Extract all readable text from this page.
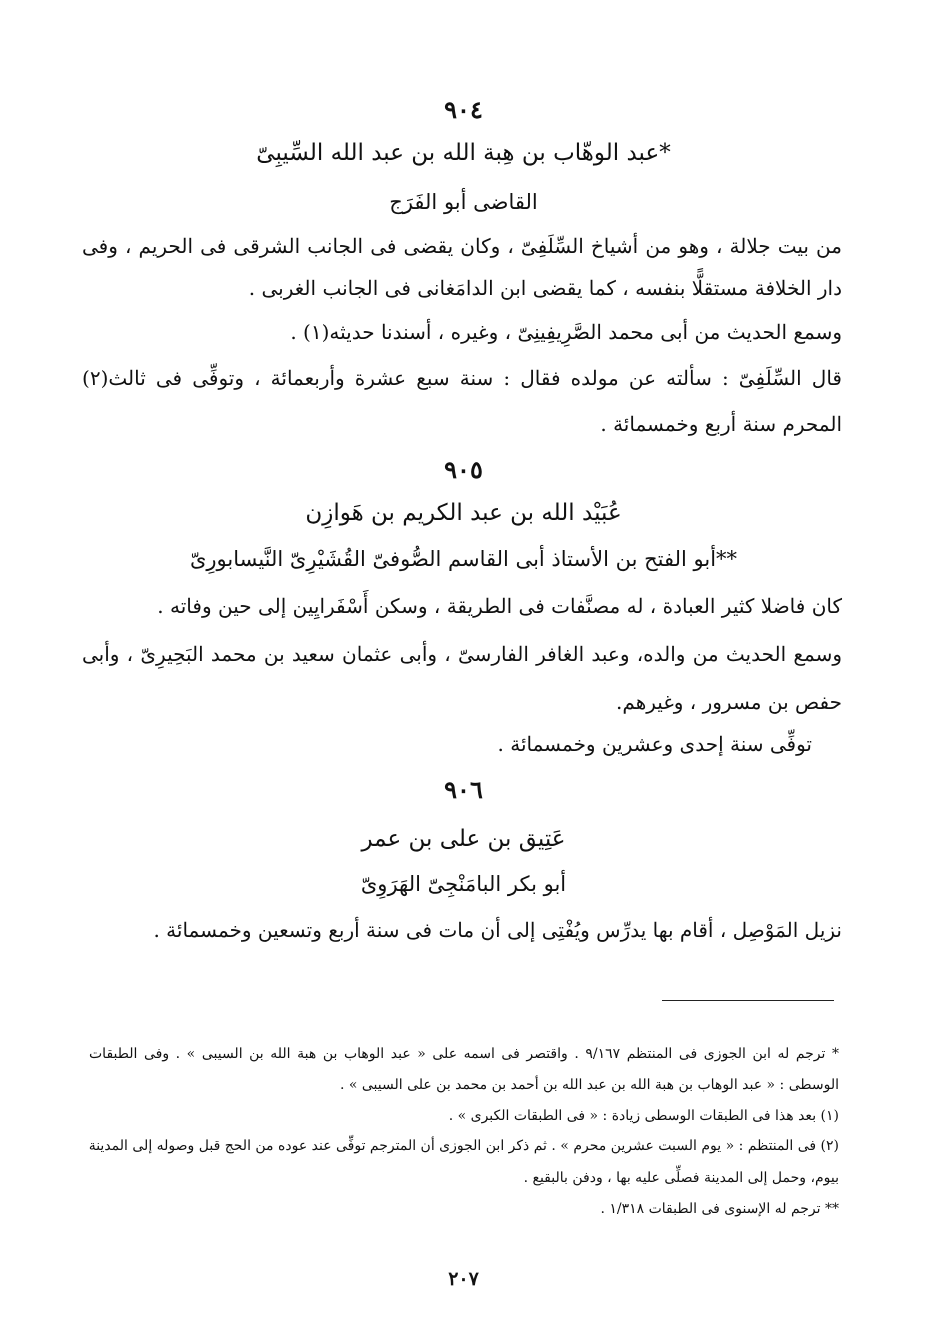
٩٠٤
عبد الوهّاب بن هِبة الله بن عبد الله السِّيبِىّ*
القاضى أبو الفَرَج
من بيت جلالة ، وهو من أشياخ السِّلَفِىّ ، وكان يقضى فى الجانب الشرقى فى الحريم ، وفى
دار الخلافة مستقلًّا بنفسه ، كما يقضى ابن الدامَغانى فى الجانب الغربى .
وسمع الحديث من أبى محمد الصَّرِيفِينِىّ ، وغيره ، أسندنا حديثه(١) .
قال السِّلَفِىّ : سألته عن مولده فقال : سنة سبع عشرة وأربعمائة ، وتوفِّى فى ثالث(٢)
المحرم سنة أربع وخمسمائة .
٩٠٥
عُبَيْد الله بن عبد الكريم بن هَوازِن
أبو الفتح بن الأستاذ أبى القاسم الصُّوفىّ القُشَيْرِىّ النَّيسابورِىّ**
كان فاضلا كثير العبادة ، له مصنَّفات فى الطريقة ، وسكن أَسْفَرايِين إلى حين وفاته .
وسمع الحديث من والده، وعبد الغافر الفارسىّ ، وأبى عثمان سعيد بن محمد البَحِيرِىّ ، وأبى
حفص بن مسرور ، وغيرهم.
توفِّى سنة إحدى وعشرين وخمسمائة .
٩٠٦
عَتِيق بن على بن عمر
أبو بكر البامَنْجِىّ الهَرَوِىّ
نزيل المَوْصِل ، أقام بها يدرِّس ويُفْتِى إلى أن مات فى سنة أربع وتسعين وخمسمائة .
* ترجم له ابن الجوزى فى المنتظم ٩/١٦٧ . واقتصر فى اسمه على « عبد الوهاب بن هبة الله بن السيبى » . وفى الطبقات
الوسطى : « عبد الوهاب بن هبة الله بن عبد الله بن أحمد بن محمد بن على السيبى » .
(١) بعد هذا فى الطبقات الوسطى زيادة : « فى الطبقات الكبرى » .
(٢) فى المنتظم : « يوم السبت عشرين محرم » . ثم ذكر ابن الجوزى أن المترجم توفِّى عند عوده من الحج قبل وصوله إلى المدينة
بيوم، وحمل إلى المدينة فصلِّى عليه بها ، ودفن بالبقيع .
** ترجم له الإسنوى فى الطبقات ١/٣١٨ .
٢٠٧
